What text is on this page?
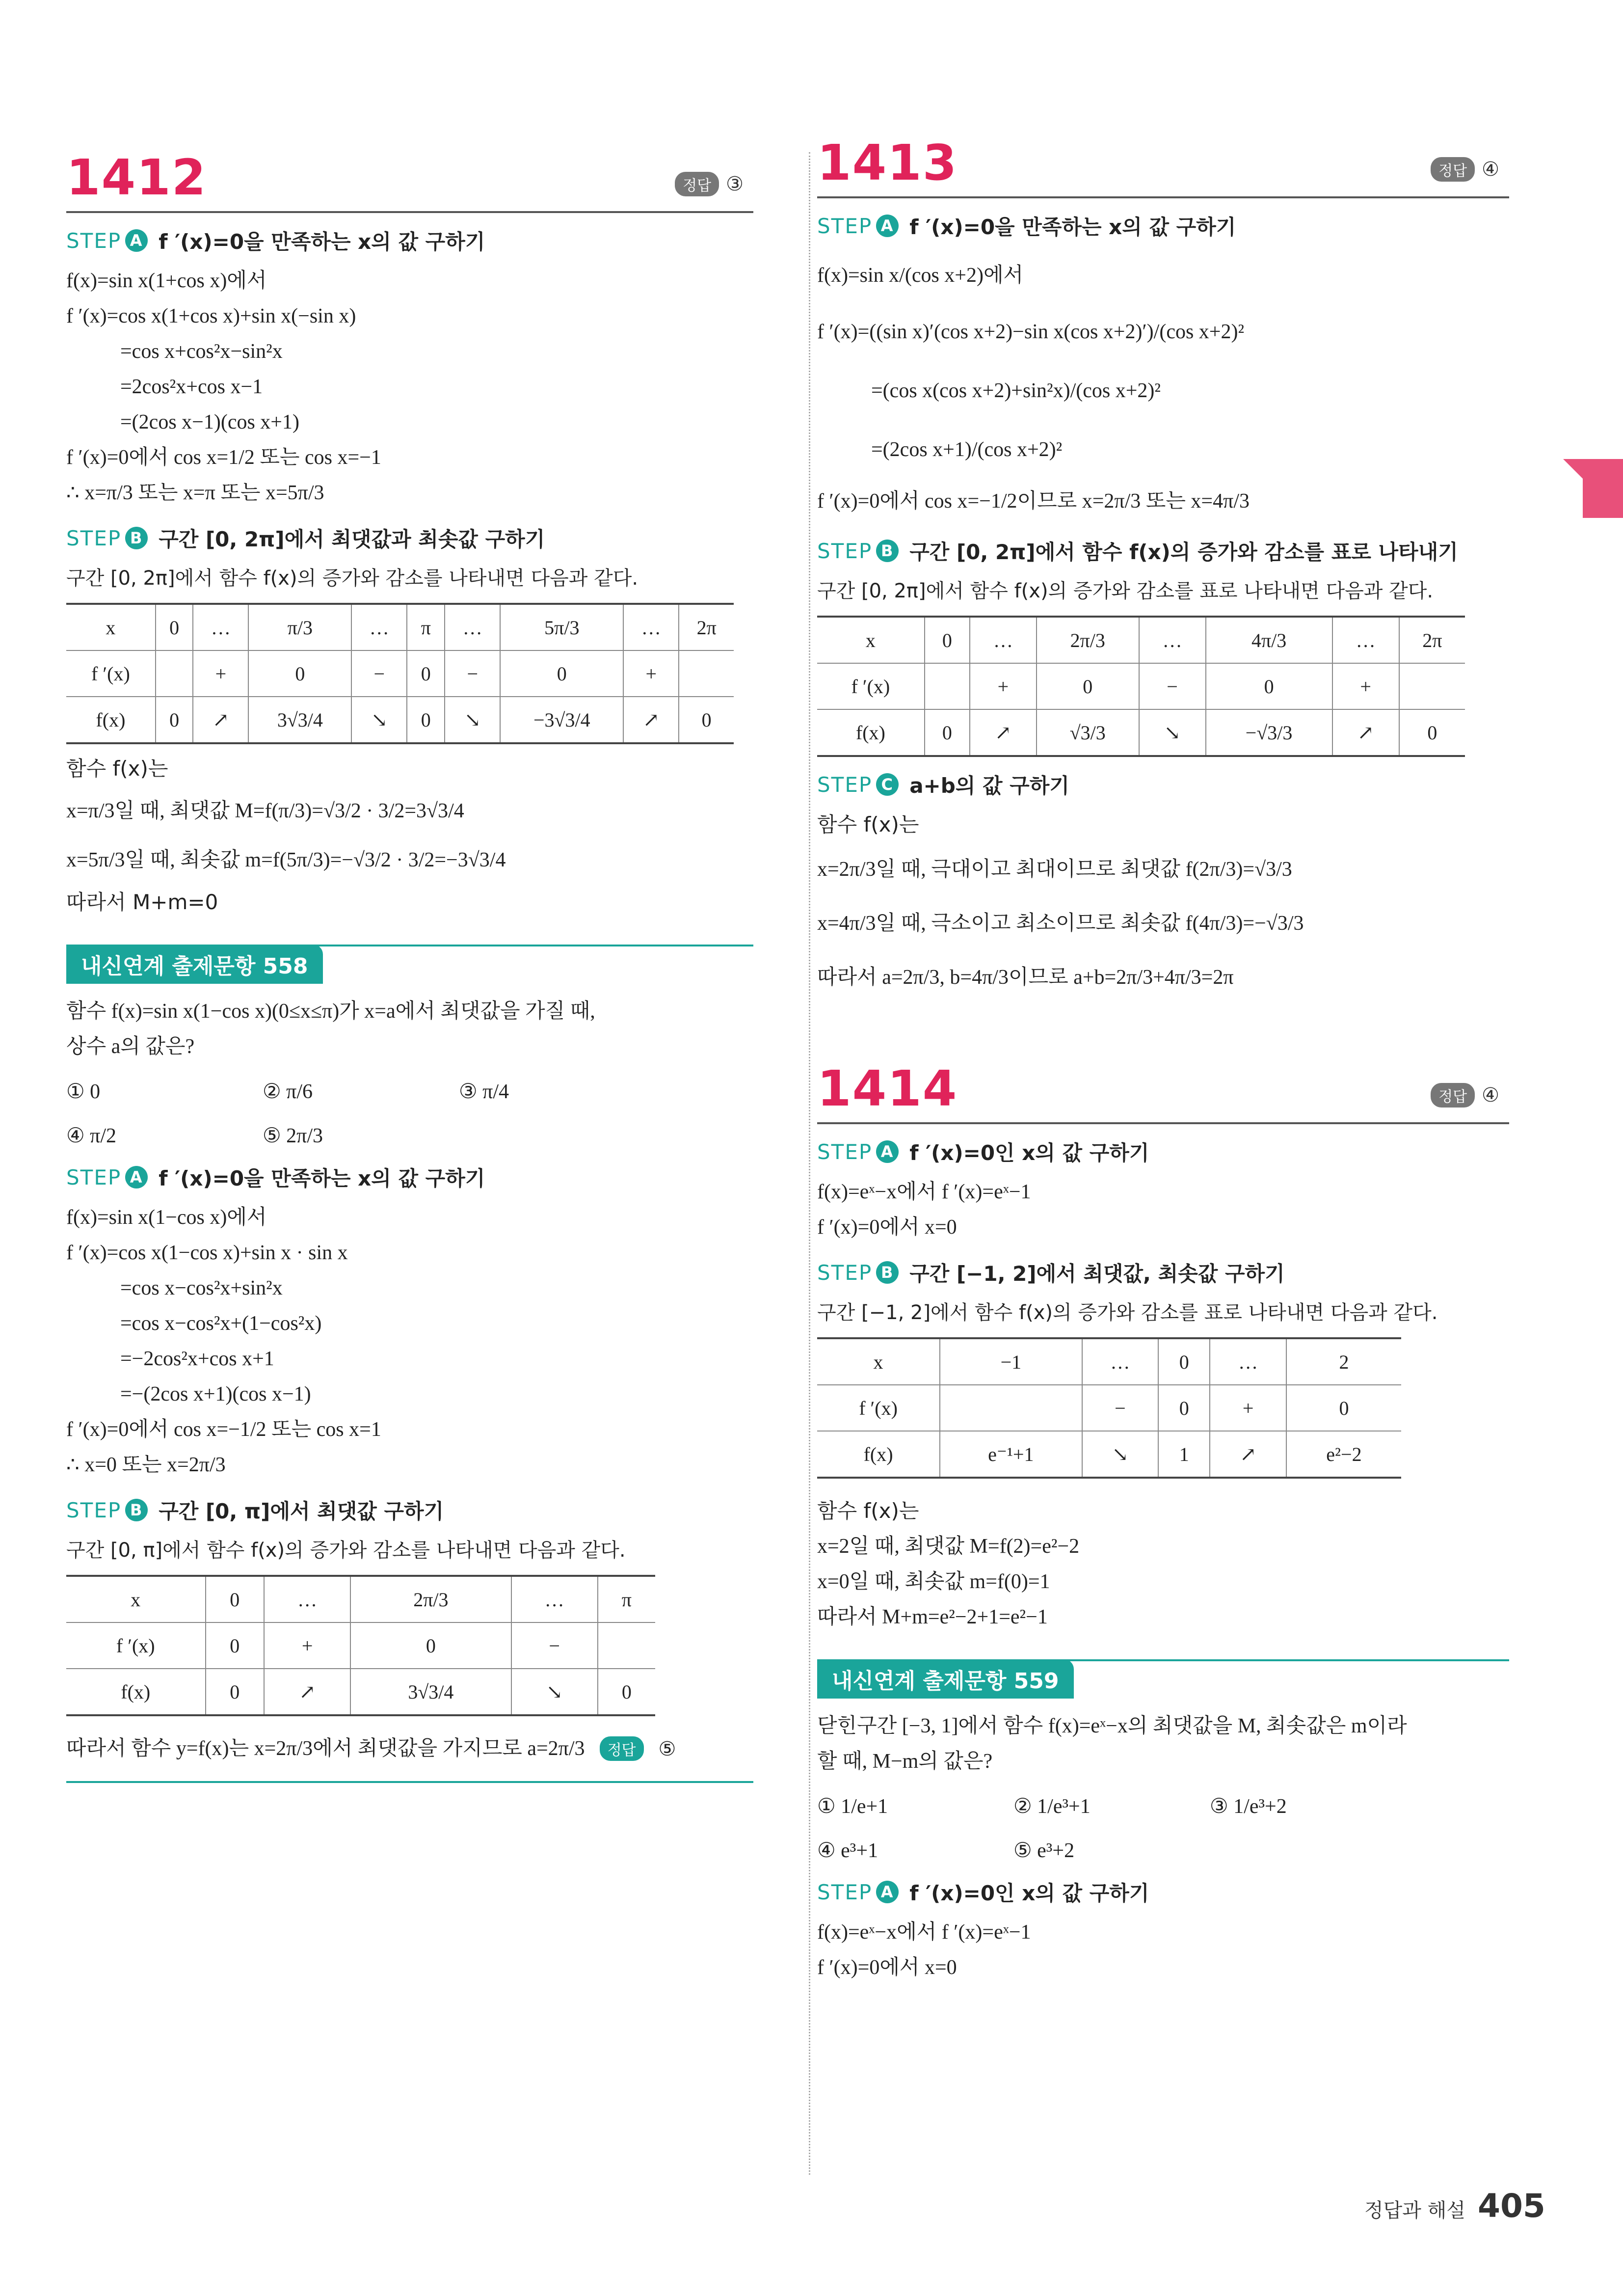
1412	정답 ③
STEP A f ′(x)=0을 만족하는 x의 값 구하기
f(x)=sin x(1+cos x)에서
f ′(x)=cos x(1+cos x)+sin x(−sin x)
=cos x+cos²x−sin²x
=2cos²x+cos x−1
=(2cos x−1)(cos x+1)
f ′(x)=0에서 cos x=1/2 또는 cos x=−1
∴ x=π/3 또는 x=π 또는 x=5π/3
STEP B 구간 [0, 2π]에서 최댓값과 최솟값 구하기
구간 [0, 2π]에서 함수 f(x)의 증가와 감소를 나타내면 다음과 같다.
x	0	…	π/3	…	π	…	5π/3	…	2π
f ′(x)		+	0	−	0	−	0	+	
f(x)	0	↗	3√3/4	↘	0	↘	−3√3/4	↗	0
함수 f(x)는
x=π/3일 때, 최댓값 M=f(π/3)=√3/2 · 3/2=3√3/4
x=5π/3일 때, 최솟값 m=f(5π/3)=−√3/2 · 3/2=−3√3/4
따라서 M+m=0
내신연계 출제문항 558
함수 f(x)=sin x(1−cos x)(0≤x≤π)가 x=a에서 최댓값을 가질 때,
상수 a의 값은?
① 0	② π/6	③ π/4
④ π/2	⑤ 2π/3
STEP A f ′(x)=0을 만족하는 x의 값 구하기
f(x)=sin x(1−cos x)에서
f ′(x)=cos x(1−cos x)+sin x · sin x
=cos x−cos²x+sin²x
=cos x−cos²x+(1−cos²x)
=−2cos²x+cos x+1
=−(2cos x+1)(cos x−1)
f ′(x)=0에서 cos x=−1/2 또는 cos x=1
∴ x=0 또는 x=2π/3
STEP B 구간 [0, π]에서 최댓값 구하기
구간 [0, π]에서 함수 f(x)의 증가와 감소를 나타내면 다음과 같다.
x	0	…	2π/3	…	π
f ′(x)	0	+	0	−	
f(x)	0	↗	3√3/4	↘	0
따라서 함수 y=f(x)는 x=2π/3에서 최댓값을 가지므로 a=2π/3	정답	⑤
1413	정답 ④
STEP A f ′(x)=0을 만족하는 x의 값 구하기
f(x)=sin x/(cos x+2)에서
f ′(x)=((sin x)′(cos x+2)−sin x(cos x+2)′)/(cos x+2)²
=(cos x(cos x+2)+sin²x)/(cos x+2)²
=(2cos x+1)/(cos x+2)²
f ′(x)=0에서 cos x=−1/2이므로 x=2π/3 또는 x=4π/3
STEP B 구간 [0, 2π]에서 함수 f(x)의 증가와 감소를 표로 나타내기
구간 [0, 2π]에서 함수 f(x)의 증가와 감소를 표로 나타내면 다음과 같다.
x	0	…	2π/3	…	4π/3	…	2π
f ′(x)		+	0	−	0	+	
f(x)	0	↗	√3/3	↘	−√3/3	↗	0
STEP C a+b의 값 구하기
함수 f(x)는
x=2π/3일 때, 극대이고 최대이므로 최댓값 f(2π/3)=√3/3
x=4π/3일 때, 극소이고 최소이므로 최솟값 f(4π/3)=−√3/3
따라서 a=2π/3, b=4π/3이므로 a+b=2π/3+4π/3=2π
1414	정답 ④
STEP A f ′(x)=0인 x의 값 구하기
f(x)=eˣ−x에서 f ′(x)=eˣ−1
f ′(x)=0에서 x=0
STEP B 구간 [−1, 2]에서 최댓값, 최솟값 구하기
구간 [−1, 2]에서 함수 f(x)의 증가와 감소를 표로 나타내면 다음과 같다.
x	−1	…	0	…	2
f ′(x)		−	0	+	0
f(x)	e⁻¹+1	↘	1	↗	e²−2
함수 f(x)는
x=2일 때, 최댓값 M=f(2)=e²−2
x=0일 때, 최솟값 m=f(0)=1
따라서 M+m=e²−2+1=e²−1
내신연계 출제문항 559
닫힌구간 [−3, 1]에서 함수 f(x)=eˣ−x의 최댓값을 M, 최솟값은 m이라
할 때, M−m의 값은?
① 1/e+1	② 1/e³+1	③ 1/e³+2
④ e³+1	⑤ e³+2
STEP A f ′(x)=0인 x의 값 구하기
f(x)=eˣ−x에서 f ′(x)=eˣ−1
f ′(x)=0에서 x=0
정답과 해설 405
